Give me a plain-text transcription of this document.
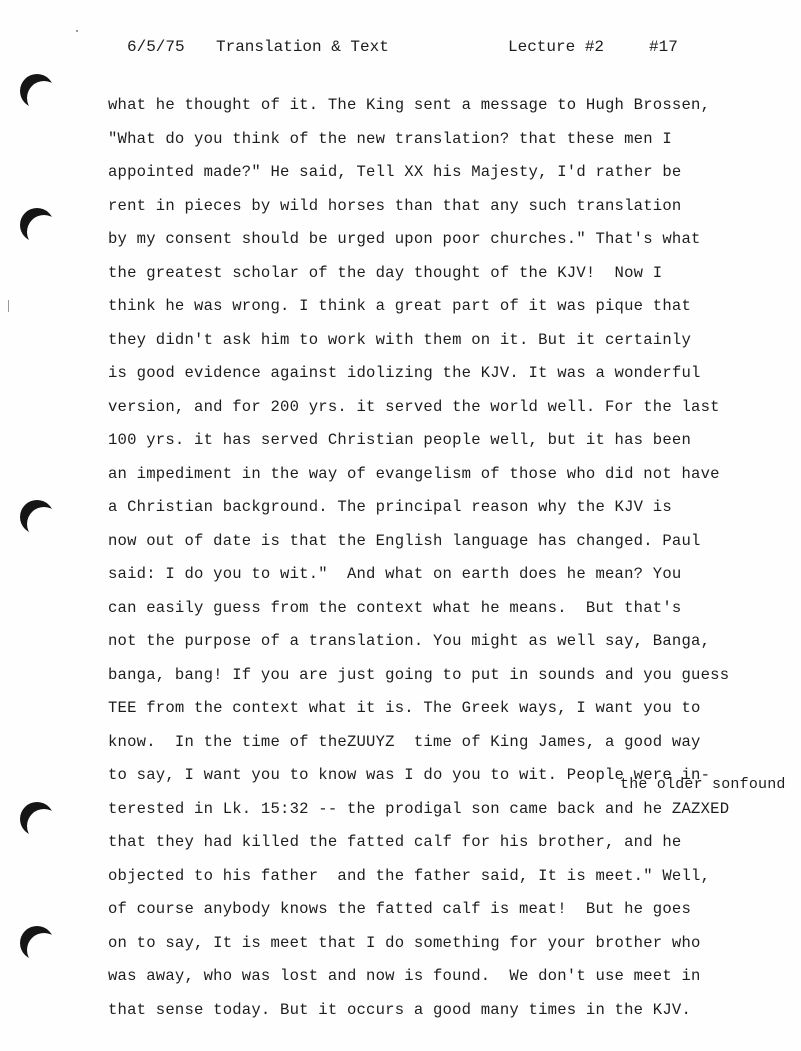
6/5/75

Translation & Text

	Lecture #2

	#17

what he thought of it. The King sent a message to Hugh Brossen,
"What do you think of the new translation? that these men I
appointed made?" He said, Tell XX his Majesty, I'd rather be
rent in pieces by wild horses than that any such translation
by my consent should be urged upon poor churches." That's what
the greatest scholar of the day thought of the KJV!  Now I
think he was wrong. I think a great part of it was pique that
they didn't ask him to work with them on it. But it certainly
is good evidence against idolizing the KJV. It was a wonderful
version, and for 200 yrs. it served the world well. For the last
100 yrs. it has served Christian people well, but it has been
an impediment in the way of evangelism of those who did not have
a Christian background. The principal reason why the KJV is
now out of date is that the English language has changed. Paul
said: I do you to wit."  And what on earth does he mean? You
can easily guess from the context what he means.  But that's
not the purpose of a translation. You might as well say, Banga,
banga, bang! If you are just going to put in sounds and you guess
TEE from the context what it is. The Greek ways, I want you to
know.  In the time of theZUUYZ  time of King James, a good way
to say, I want you to know was I do you to wit. People were in-
terested in Lk. 15:32 -- the prodigal son came back and he ZAZXED
that they had killed the fatted calf for his brother, and he
objected to his father  and the father said, It is meet." Well,
of course anybody knows the fatted calf is meat!  But he goes
on to say, It is meet that I do something for your brother who
was away, who was lost and now is found.  We don't use meet in
that sense today. But it occurs a good many times in the KJV.
the older sonfound
